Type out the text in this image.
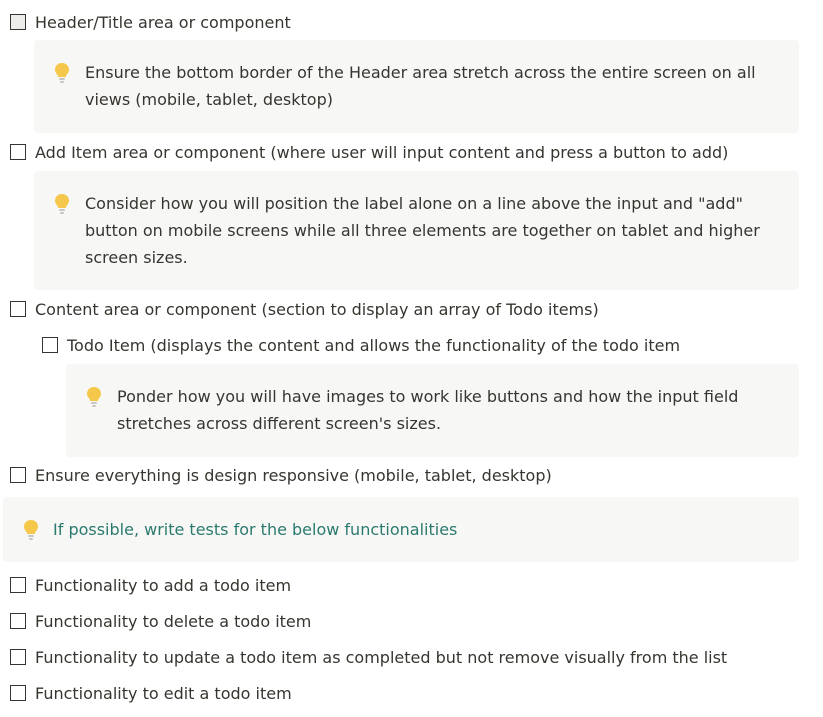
Header/Title area or component
Ensure the bottom border of the Header area stretch across the entire screen on all
views (mobile, tablet, desktop)
Add Item area or component (where user will input content and press a button to add)
Consider how you will position the label alone on a line above the input and "add"
button on mobile screens while all three elements are together on tablet and higher
screen sizes.
Content area or component (section to display an array of Todo items)
Todo Item (displays the content and allows the functionality of the todo item
Ponder how you will have images to work like buttons and how the input field
stretches across different screen's sizes.
Ensure everything is design responsive (mobile, tablet, desktop)
If possible, write tests for the below functionalities
Functionality to add a todo item
Functionality to delete a todo item
Functionality to update a todo item as completed but not remove visually from the list
Functionality to edit a todo item
